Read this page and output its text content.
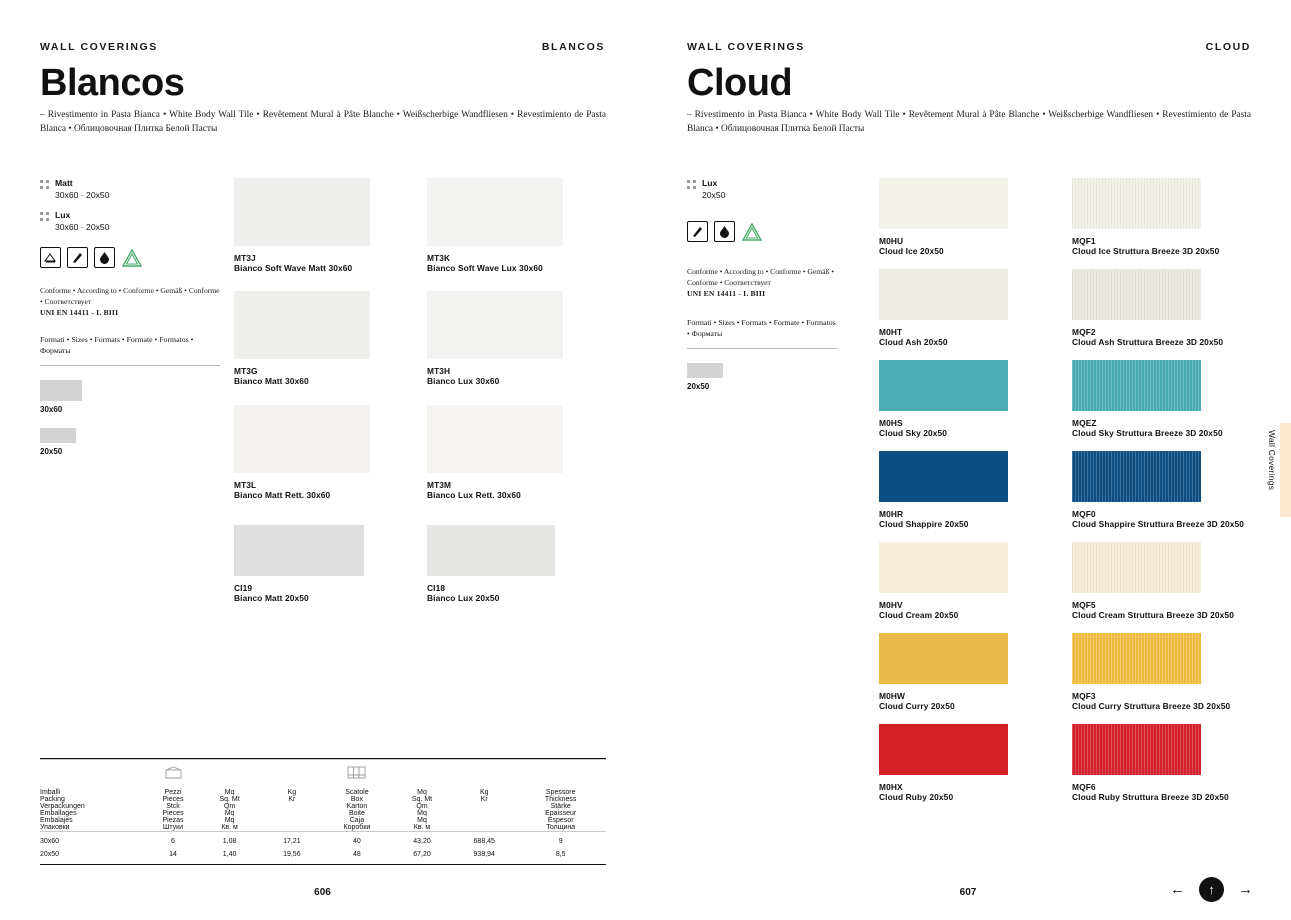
WALL COVERINGS	BLANCOS
Blancos
– Rivestimento in Pasta Bianca • White Body Wall Tile • Revêtement Mural à Pâte Blanche • Weißscherbige Wandfliesen • Revestimiento de Pasta Blanca • Облицовочная Плитка Белой Пасты
Matt
30x60 · 20x50
Lux
30x60 · 20x50
Conforme • According to • Conforme • Gemäß • Conforme • Соответствует
UNI EN 14411 - I. BIII
Formati • Sizes • Formats • Formate • Formatos • Форматы
30x60
20x50
MT3J
Bianco Soft Wave Matt 30x60
MT3K
Bianco Soft Wave Lux 30x60
MT3G
Bianco Matt 30x60
MT3H
Bianco Lux 30x60
MT3L
Bianco Matt Rett. 30x60
MT3M
Bianco Lux Rett. 30x60
CI19
Bianco Matt 20x50
CI18
Bianco Lux 20x50

Imballi
Packing
Verpackungen
Emballages
Embalajes
Упаковки	Pezzi
Pieces
Stck
Pieces
Piezas
Штуки	Mq
Sq. Mt
Qm
Mq
Mq
Кв. м	Kg
Kr	Scatole
Box
Karton
Boite
Caja
Коробки	Mq
Sq. Mt
Qm
Mq
Mq
Кв. м	Kg
Kr	Spessore
Thickness
Stärke
Epaisseur
Espesor
Толщина
30x60	6	1,08	17,21	40	43,20	688,45	9
20x50	14	1,40	19,56	48	67,20	938,94	8,5
606
WALL COVERINGS	CLOUD
Cloud
– Rivestimento in Pasta Bianca • White Body Wall Tile • Revêtement Mural à Pâte Blanche • Weißscherbige Wandfliesen • Revestimiento de Pasta Blanca • Облицовочная Плитка Белой Пасты
Lux
20x50
Conforme • According to • Conforme • Gemäß • Conforme • Соответствует
UNI EN 14411 - I. BIII
Formati • Sizes • Formats • Formate • Formatos • Форматы
20x50
M0HU
Cloud Ice 20x50
MQF1
Cloud Ice Struttura Breeze 3D 20x50
M0HT
Cloud Ash 20x50
MQF2
Cloud Ash Struttura Breeze 3D 20x50
M0HS
Cloud Sky 20x50
MQEZ
Cloud Sky Struttura Breeze 3D 20x50
M0HR
Cloud Shappire 20x50
MQF0
Cloud Shappire Struttura Breeze 3D 20x50
M0HV
Cloud Cream 20x50
MQF5
Cloud Cream Struttura Breeze 3D 20x50
M0HW
Cloud Curry 20x50
MQF3
Cloud Curry Struttura Breeze 3D 20x50
M0HX
Cloud Ruby 20x50
MQF6
Cloud Ruby Struttura Breeze 3D 20x50
607
Wall Coverings
←	↑	→
